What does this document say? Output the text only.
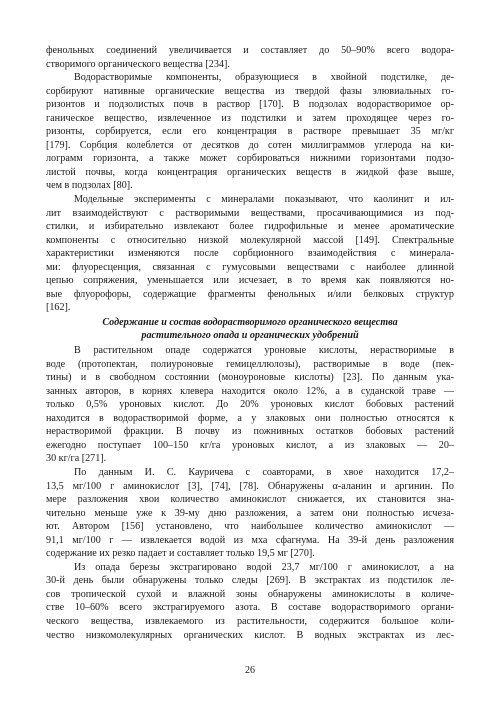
фенольных соединений увеличивается и составляет до 50–90% всего водора-
створимого органического вещества [234].
Водорастворимые компоненты, образующиеся в хвойной подстилке, де-
сорбируют нативные органические вещества из твердой фазы элювиальных го-
ризонтов и подзолистых почв в раствор [170]. В подзолах водорастворимое ор-
ганическое вещество, извлеченное из подстилки и затем проходящее через го-
ризонты, сорбируется, если его концентрация в растворе превышает 35 мг/кг
[179]. Сорбция колеблется от десятков до сотен миллиграммов углерода на ки-
лограмм горизонта, а также может сорбироваться нижними горизонтами подзо-
листой почвы, когда концентрация органических веществ в жидкой фазе выше,
чем в подзолах [80].
Модельные эксперименты с минералами показывают, что каолинит и ил-
лит взаимодействуют с растворимыми веществами, просачивающимися из под-
стилки, и избирательно извлекают более гидрофильные и менее ароматические
компоненты с относительно низкой молекулярной массой [149]. Спектральные
характеристики изменяются после сорбционного взаимодействия с минерала-
ми: флуоресценция, связанная с гумусовыми веществами с наиболее длинной
цепью сопряжения, уменьшается или исчезает, в то время как появляются но-
вые флуорофоры, содержащие фрагменты фенольных и/или белковых структур
[162].
Содержание и состав водорастворимого органического вещества
растительного опада и органических удобрений
В растительном опаде содержатся уроновые кислоты, нерастворимые в
воде (протопектан, полиуроновые гемицеллюлозы), растворимые в воде (пек-
тины) и в свободном состоянии (моноуроновые кислоты) [23]. По данным ука-
занных авторов, в корнях клевера находится около 12%, а в суданской траве —
только 0,5% уроновых кислот. До 20% уроновых кислот бобовых растений
находится в водорастворимой форме, а у злаковых они полностью относятся к
нерастворимой фракции. В почву из пожнивных остатков бобовых растений
ежегодно поступает 100–150 кг/га уроновых кислот, а из злаковых — 20–
30 кг/га [271].
По данным И. С. Кауричева с соавторами, в хвое находится 17,2–
13,5 мг/100 г аминокислот [3], [74], [78]. Обнаружены α-аланин и аргинин. По
мере разложения хвои количество аминокислот снижается, их становится зна-
чительно меньше уже к 39-му дню разложения, а затем они полностью исчеза-
ют. Автором [156] установлено, что наибольшее количество аминокислот —
91,1 мг/100 г — извлекается водой из мха сфагнума. На 39-й день разложения
содержание их резко падает и составляет только 19,5 мг [270].
Из опада березы экстрагировано водой 23,7 мг/100 г аминокислот, а на
30-й день были обнаружены только следы [269]. В экстрактах из подстилок ле-
сов тропической сухой и влажной зоны обнаружены аминокислоты в количе-
стве 10–60% всего экстрагируемого азота. В составе водорастворимого органи-
ческого вещества, извлекаемого из растительности, содержится большое коли-
чество низкомолекулярных органических кислот. В водных экстрактах из лес-
26
